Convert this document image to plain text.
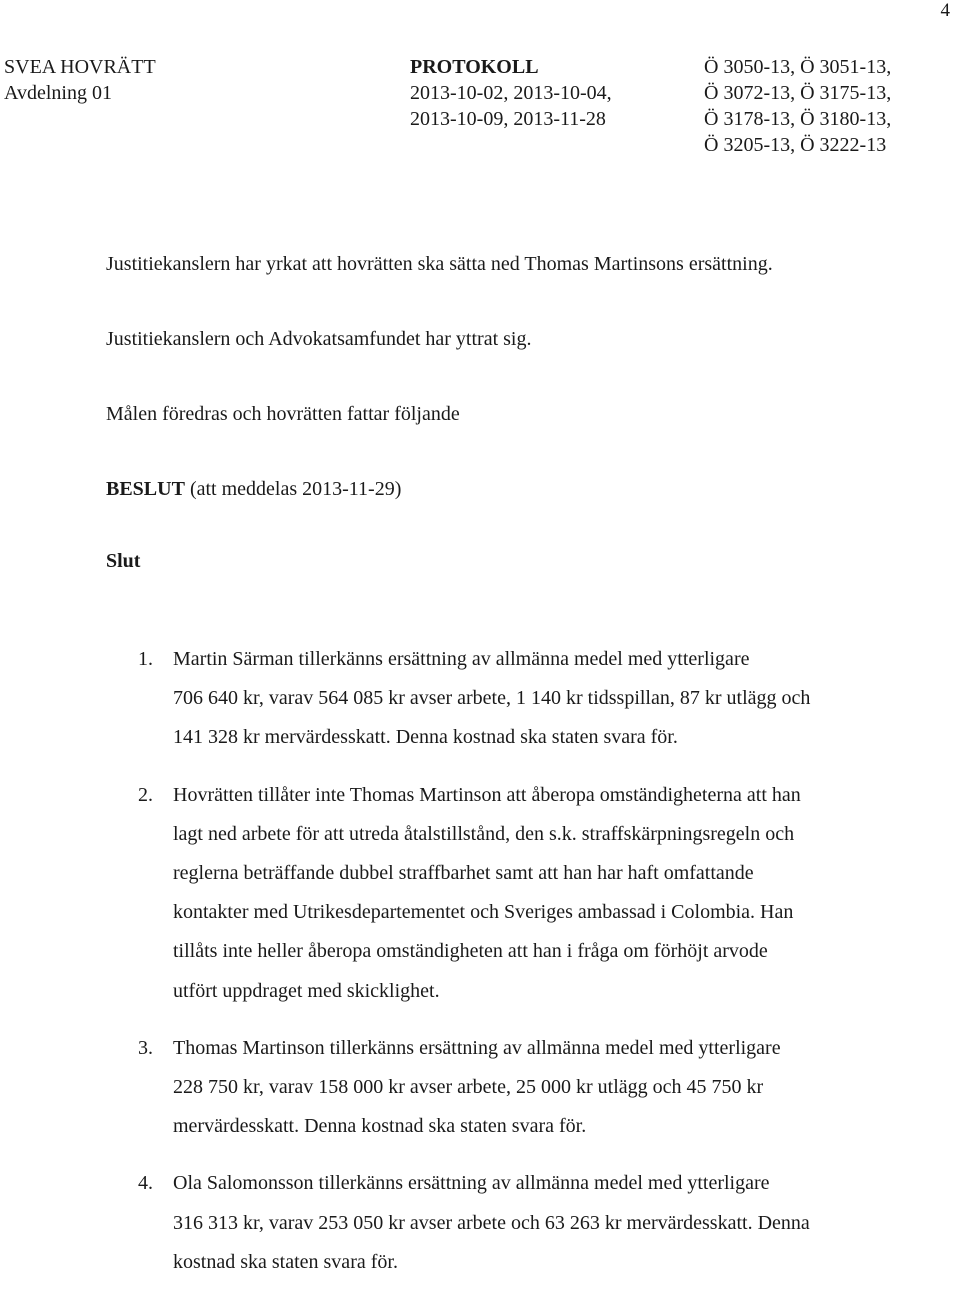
4
SVEA HOVRÄTT
Avdelning 01
PROTOKOLL
2013-10-02, 2013-10-04,
2013-10-09, 2013-11-28
Ö 3050-13, Ö 3051-13,
Ö 3072-13, Ö 3175-13,
Ö 3178-13, Ö 3180-13,
Ö 3205-13, Ö 3222-13

Justitiekanslern har yrkat att hovrätten ska sätta ned Thomas Martinsons ersättning.

Justitiekanslern och Advokatsamfundet har yttrat sig.

Målen föredras och hovrätten fattar följande

BESLUT (att meddelas 2013-11-29)

Slut

1. Martin Särman tillerkänns ersättning av allmänna medel med ytterligare
706 640 kr, varav 564 085 kr avser arbete, 1 140 kr tidsspillan, 87 kr utlägg och
141 328 kr mervärdesskatt. Denna kostnad ska staten svara för.
2. Hovrätten tillåter inte Thomas Martinson att åberopa omständigheterna att han
lagt ned arbete för att utreda åtalstillstånd, den s.k. straffskärpningsregeln och
reglerna beträffande dubbel straffbarhet samt att han har haft omfattande
kontakter med Utrikesdepartementet och Sveriges ambassad i Colombia. Han
tillåts inte heller åberopa omständigheten att han i fråga om förhöjt arvode
utfört uppdraget med skicklighet.
3. Thomas Martinson tillerkänns ersättning av allmänna medel med ytterligare
228 750 kr, varav 158 000 kr avser arbete, 25 000 kr utlägg och 45 750 kr
mervärdesskatt. Denna kostnad ska staten svara för.
4. Ola Salomonsson tillerkänns ersättning av allmänna medel med ytterligare
316 313 kr, varav 253 050 kr avser arbete och 63 263 kr mervärdesskatt. Denna
kostnad ska staten svara för.
